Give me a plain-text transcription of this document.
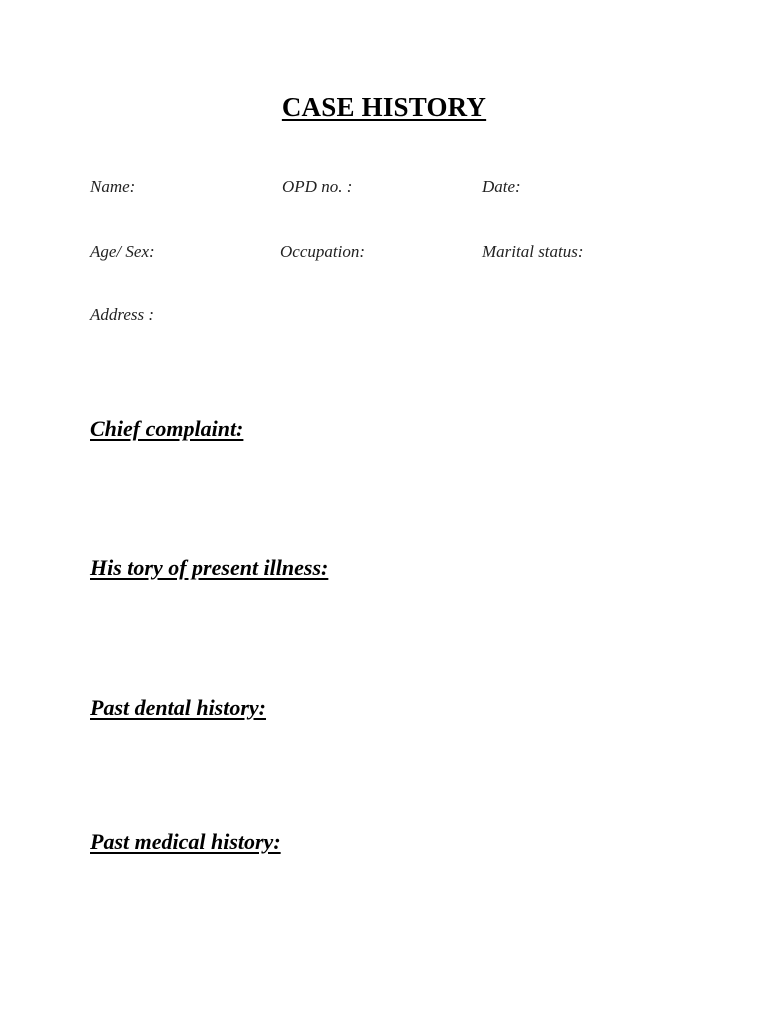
CASE HISTORY
Name:	OPD no. :	Date:
Age/ Sex:	Occupation:	Marital status:
Address :
Chief complaint:
His tory of present illness:
Past dental history:
Past medical history:
